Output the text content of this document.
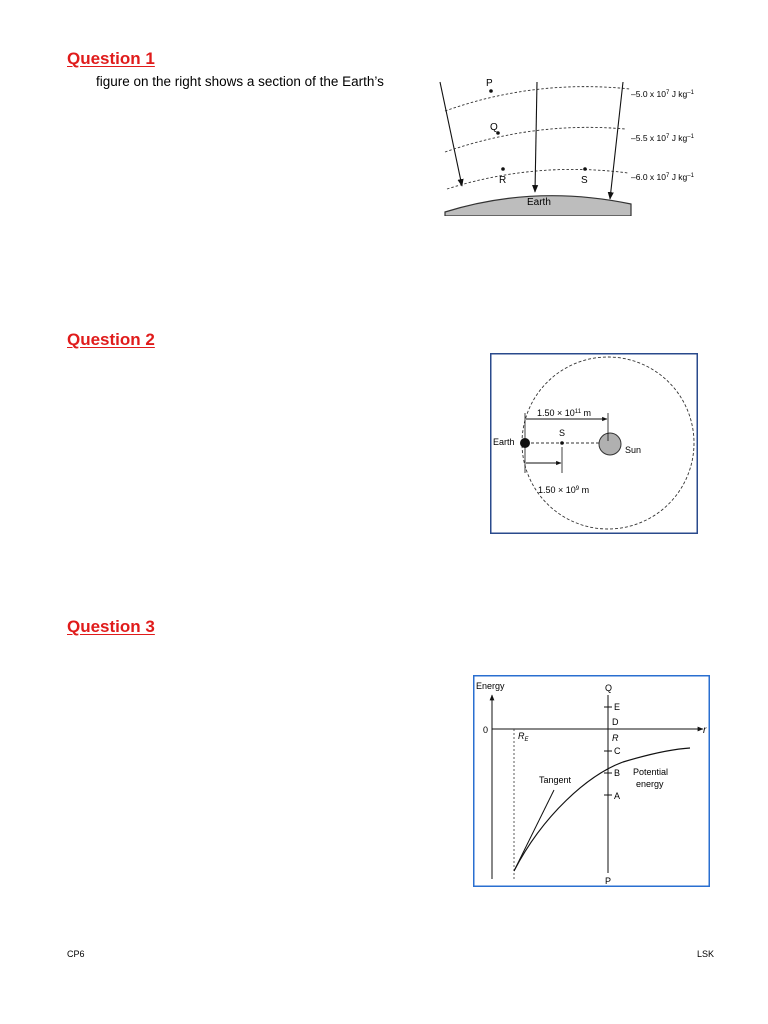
Question 1
figure on the right shows a section of the Earth’s
Earth
P
Q
R	S
–5.0 x $10^7$ J $kg^{-1}$
–5.5 x $10^7$ J $kg^{-1}$
–6.0 x $10^7$ J $kg^{-1}$
Question 2
Earth
Sun
S
$1.50 \times 10^{11}$ m
$1.50 \times 10^9$ m
Question 3
Energy
0	r
$R_E$
Q
P
E
D
R
C
B
A
Tangent
Potential
energy
CP6	LSK
